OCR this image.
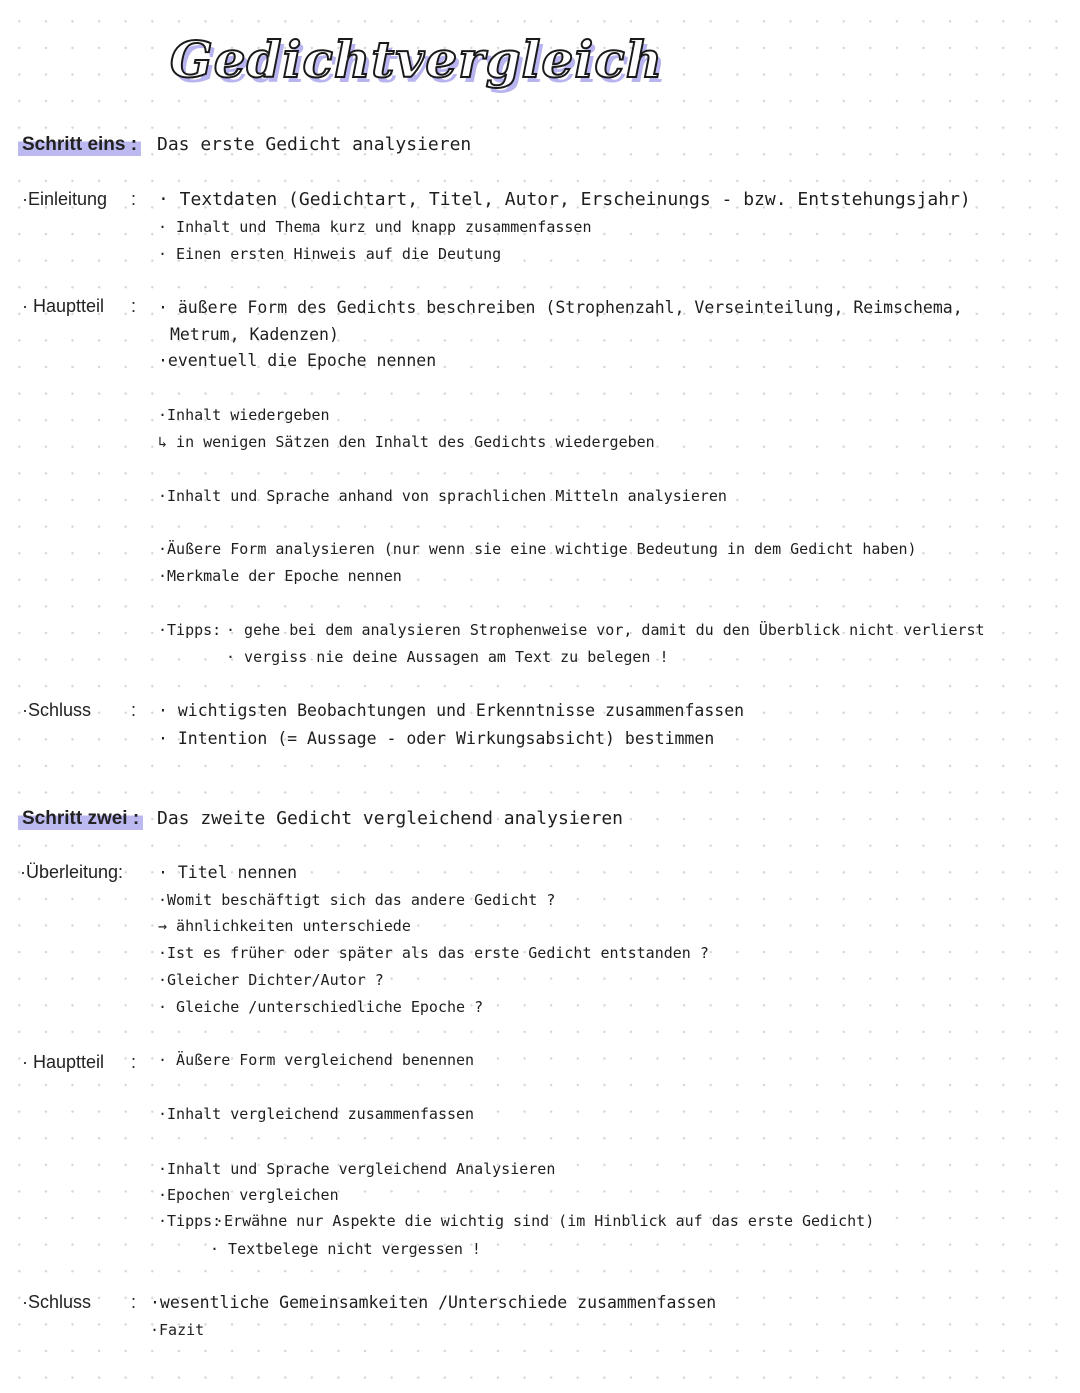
Gedichtvergleich
Schritt eins : Das erste Gedicht analysieren
·Einleitung : · Textdaten (Gedichtart, Titel, Autor, Erscheinungs - bzw. Entstehungsjahr)
· Inhalt und Thema kurz und knapp zusammenfassen
· Einen ersten Hinweis auf die Deutung
· Hauptteil : · äußere Form des Gedichts beschreiben (Strophenzahl, Verseinteilung, Reimschema,
Metrum, Kadenzen)
·eventuell die Epoche nennen
·Inhalt wiedergeben
↳ in wenigen Sätzen den Inhalt des Gedichts wiedergeben
·Inhalt und Sprache anhand von sprachlichen Mitteln analysieren
·Äußere Form analysieren (nur wenn sie eine wichtige Bedeutung in dem Gedicht haben)
·Merkmale der Epoche nennen
·Tipps: · gehe bei dem analysieren Strophenweise vor, damit du den Überblick nicht verlierst
· vergiss nie deine Aussagen am Text zu belegen !
·Schluss : · wichtigsten Beobachtungen und Erkenntnisse zusammenfassen
· Intention (= Aussage - oder Wirkungsabsicht) bestimmen
Schritt zwei : Das zweite Gedicht vergleichend analysieren
·Überleitung: · Titel nennen
·Womit beschäftigt sich das andere Gedicht ?
→ ähnlichkeiten unterschiede
·Ist es früher oder später als das erste Gedicht entstanden ?
·Gleicher Dichter/Autor ?
· Gleiche /unterschiedliche Epoche ?
· Hauptteil : · Äußere Form vergleichend benennen
·Inhalt vergleichend zusammenfassen
·Inhalt und Sprache vergleichend Analysieren
·Epochen vergleichen
·Tipps:
·Erwähne nur Aspekte die wichtig sind (im Hinblick auf das erste Gedicht)
· Textbelege nicht vergessen !
·Schluss : ·wesentliche Gemeinsamkeiten /Unterschiede zusammenfassen
·Fazit
